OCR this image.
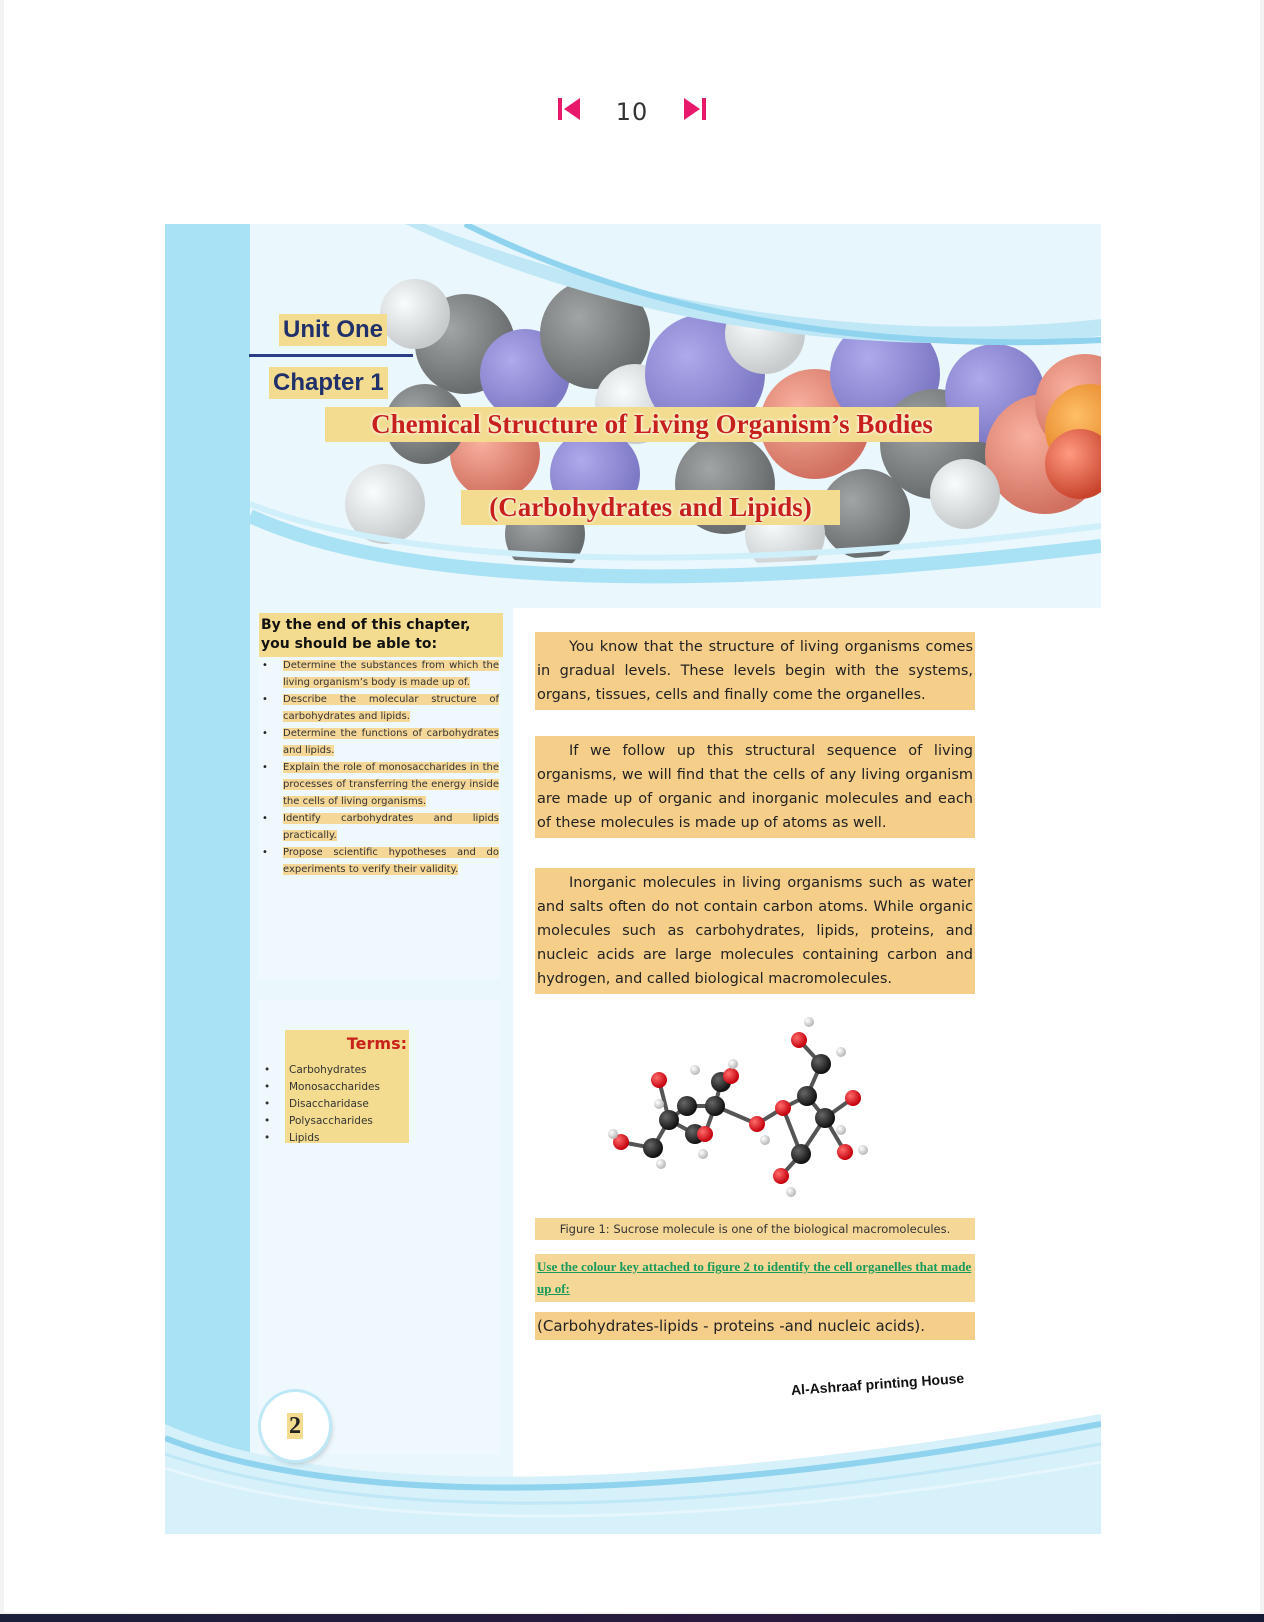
10
Unit One
Chapter 1
Chemical Structure of Living Organism’s Bodies
(Carbohydrates and Lipids)
By the end of this chapter, you should be able to:
• Determine the substances from which the living organism’s body is made up of.
• Describe the molecular structure of carbohydrates and lipids.
• Determine the functions of carbohydrates and lipids.
• Explain the role of monosaccharides in the processes of transferring the energy inside the cells of living organisms.
• Identify carbohydrates and lipids practically.
• Propose scientific hypotheses and do experiments to verify their validity.
Terms:
• Carbohydrates
• Monosaccharides
• Disaccharidase
• Polysaccharides
• Lipids
You know that the structure of living organisms comes in gradual levels. These levels begin with the systems, organs, tissues, cells and finally come the organelles.
If we follow up this structural sequence of living organisms, we will find that the cells of any living organism are made up of organic and inorganic molecules and each of these molecules is made up of atoms as well.
Inorganic molecules in living organisms such as water and salts often do not contain carbon atoms. While organic molecules such as carbohydrates, lipids, proteins, and nucleic acids are large molecules containing carbon and hydrogen, and called biological macromolecules.
Figure 1: Sucrose molecule is one of the biological macromolecules.
Use the colour key attached to figure 2 to identify the cell organelles that made up of:
(Carbohydrates-lipids - proteins -and nucleic acids).
2
Al-Ashraaf printing House
